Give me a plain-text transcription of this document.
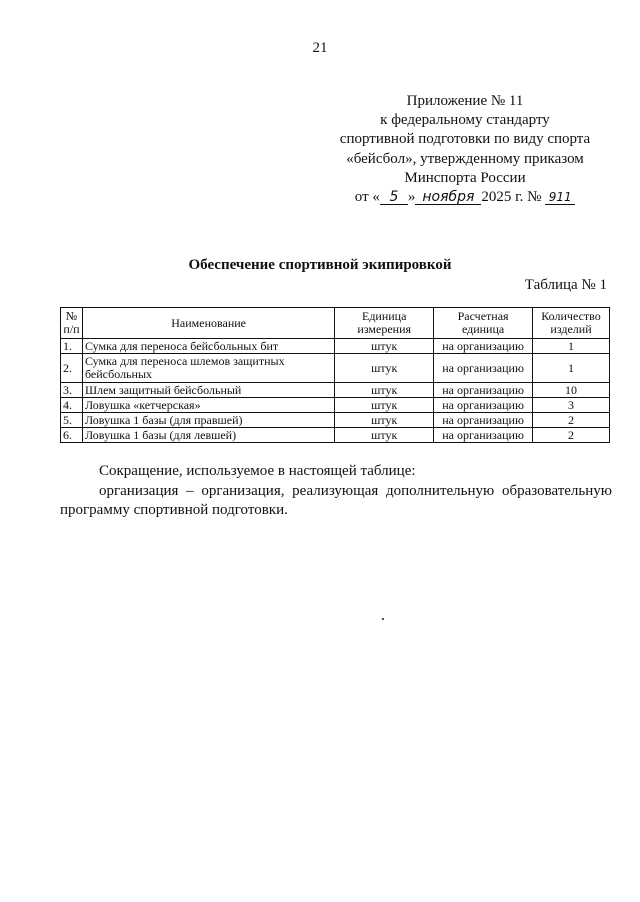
21
Приложение № 11
к федеральному стандарту
спортивной подготовки по виду спорта
«бейсбол», утвержденному приказом
Минспорта России
от « 5 » ноября 2025 г. № 911
Обеспечение спортивной экипировкой
Таблица № 1
№ п/п	Наименование	Единица измерения	Расчетная единица	Количество изделий
1.	Сумка для переноса бейсбольных бит	штук	на организацию	1
2.	Сумка для переноса шлемов защитных бейсбольных	штук	на организацию	1
3.	Шлем защитный бейсбольный	штук	на организацию	10
4.	Ловушка «кетчерская»	штук	на организацию	3
5.	Ловушка 1 базы (для правшей)	штук	на организацию	2
6.	Ловушка 1 базы (для левшей)	штук	на организацию	2

Сокращение, используемое в настоящей таблице:

организация – организация, реализующая дополнительную образовательную программу спортивной подготовки.
